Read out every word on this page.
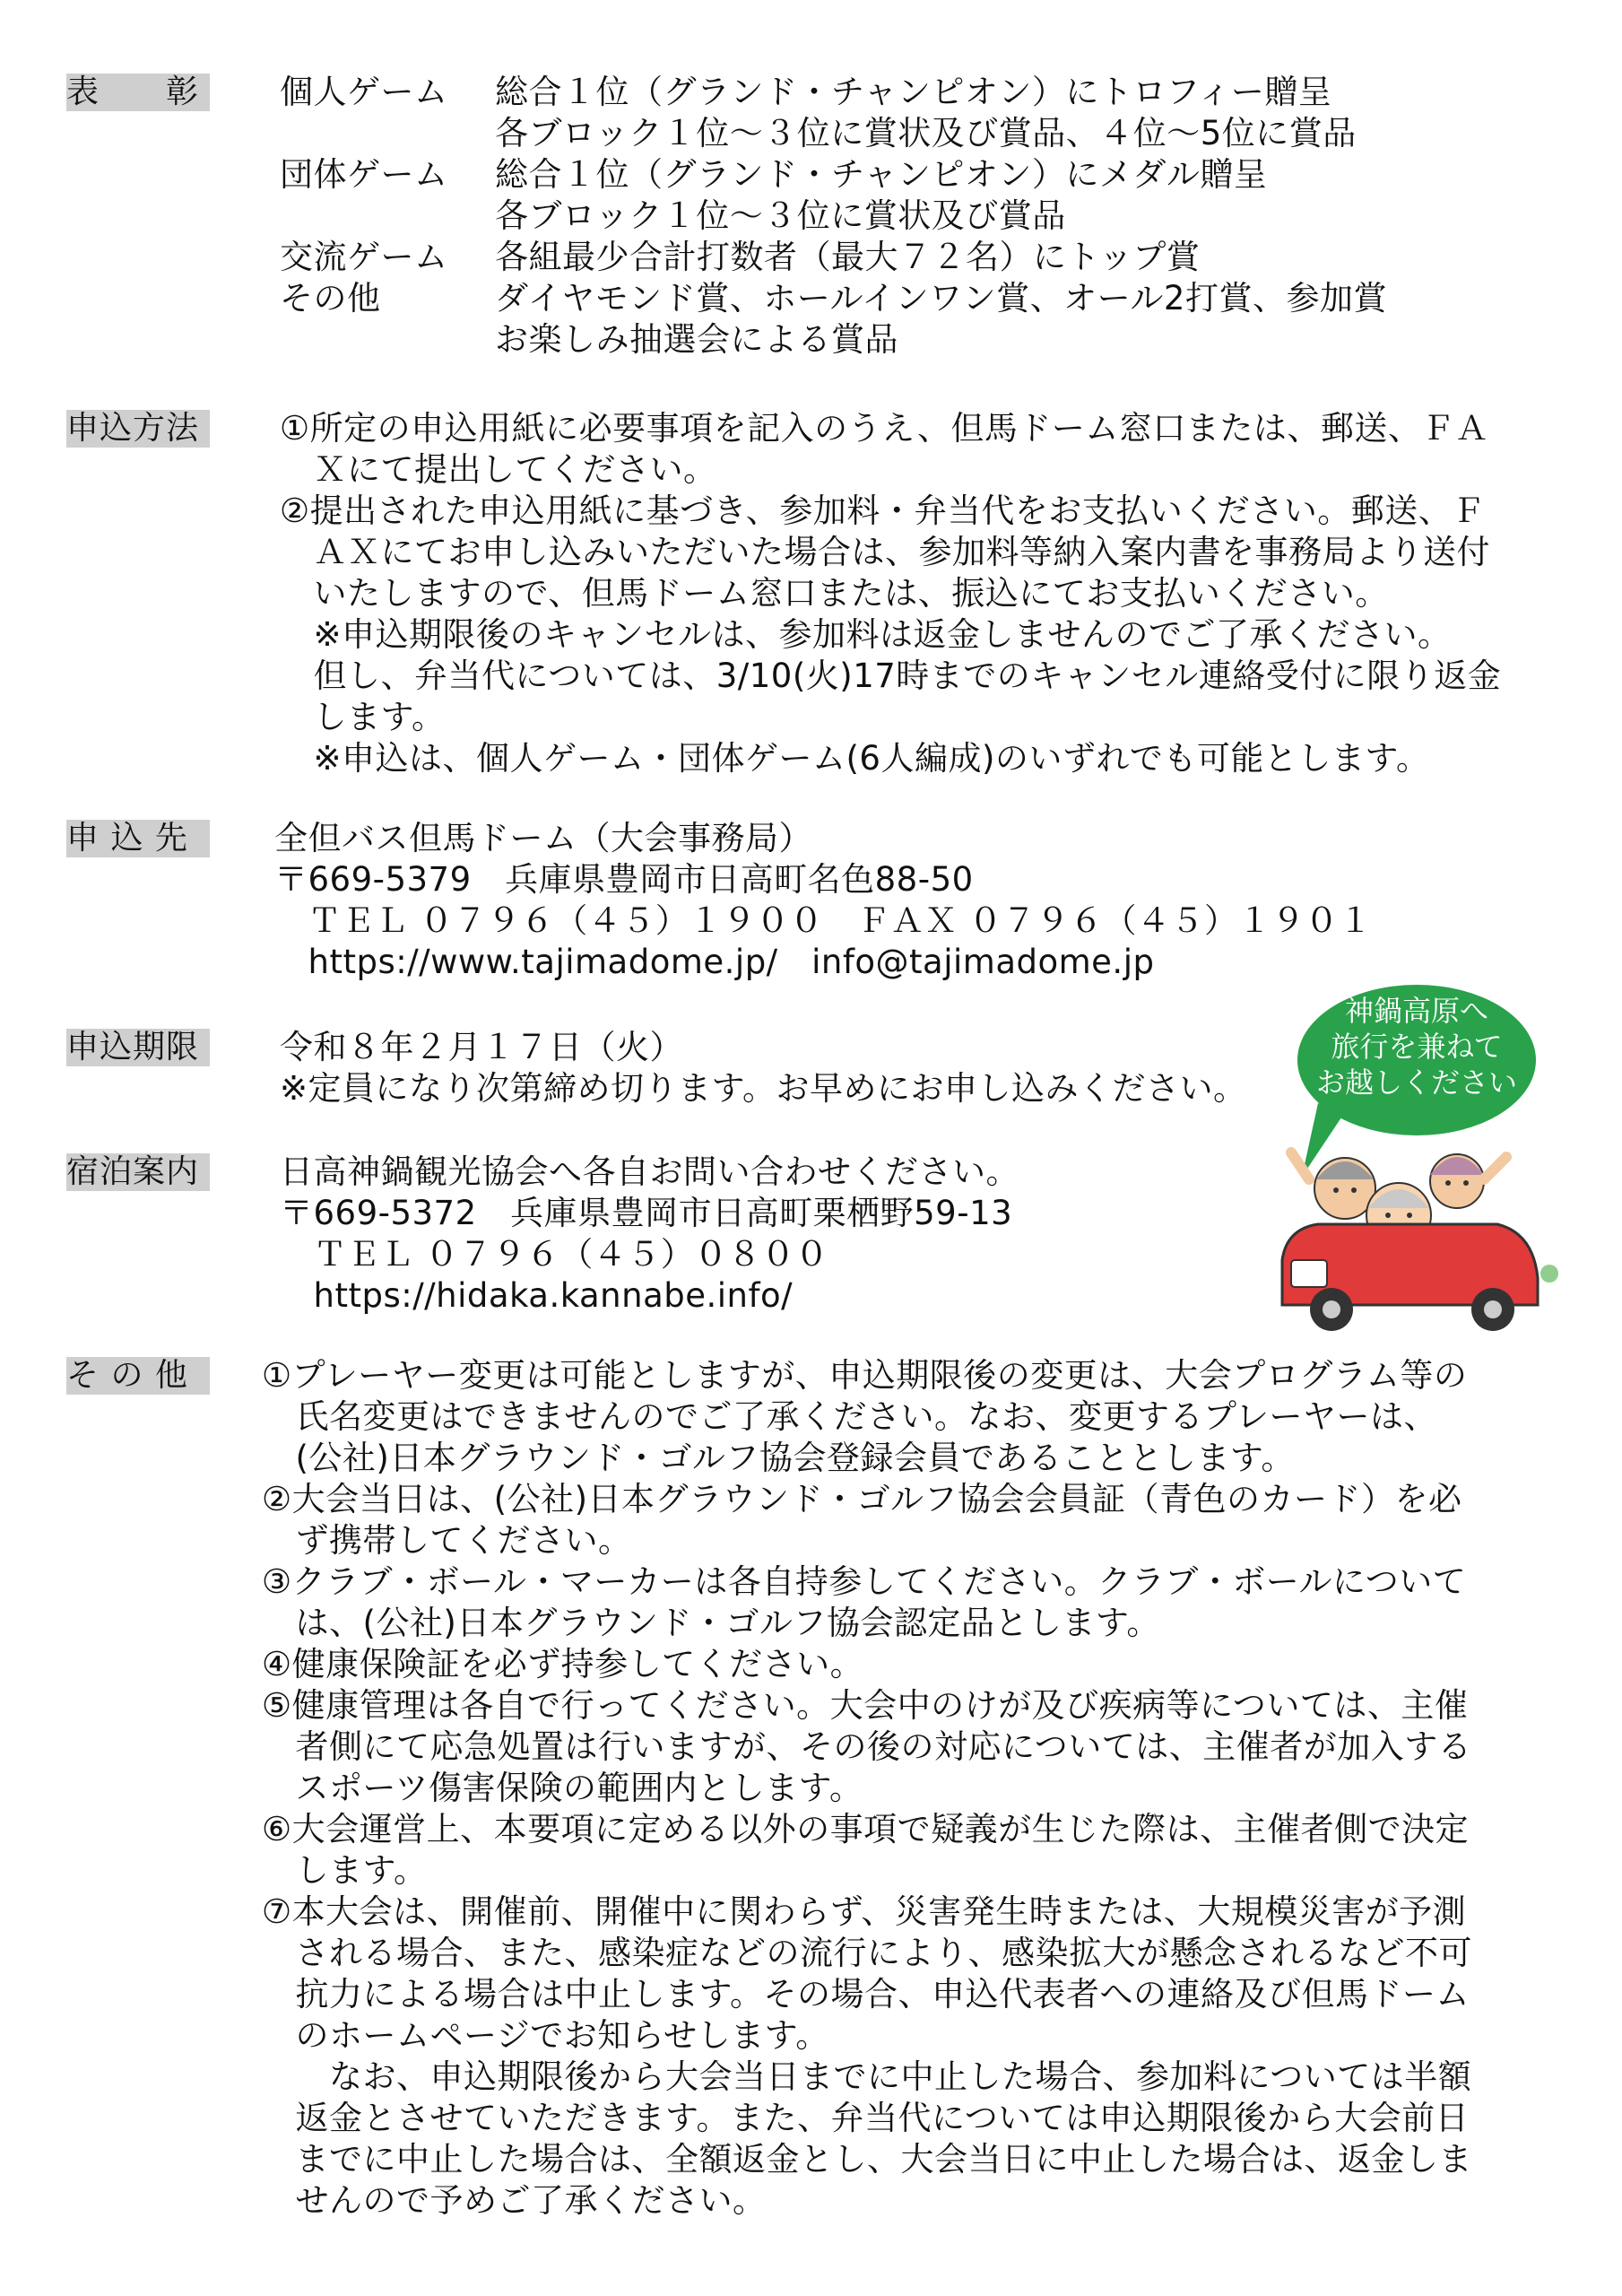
表　　彰	個人ゲーム 総合１位（グランド・チャンピオン）にトロフィー贈呈
各ブロック１位～３位に賞状及び賞品、４位～5位に賞品
団体ゲーム 総合１位（グランド・チャンピオン）にメダル贈呈
各ブロック１位～３位に賞状及び賞品
交流ゲーム 各組最少合計打数者（最大７２名）にトップ賞
その他	ダイヤモンド賞、ホールインワン賞、オール2打賞、参加賞
お楽しみ抽選会による賞品
申込方法	①所定の申込用紙に必要事項を記入のうえ、但馬ドーム窓口または、郵送、ＦＡ
　Ｘにて提出してください。
②提出された申込用紙に基づき、参加料・弁当代をお支払いください。郵送、Ｆ
　ＡＸにてお申し込みいただいた場合は、参加料等納入案内書を事務局より送付
　いたしますので、但馬ドーム窓口または、振込にてお支払いください。
　※申込期限後のキャンセルは、参加料は返金しませんのでご了承ください。
　但し、弁当代については、3/10(火)17時までのキャンセル連絡受付に限り返金
　します。
　※申込は、個人ゲーム・団体ゲーム(6人編成)のいずれでも可能とします。
申 込 先	全但バス但馬ドーム（大会事務局）
〒669-5379　兵庫県豊岡市日高町名色88-50
　ＴＥＬ ０７９６（４５）１９００　ＦＡＸ ０７９６（４５）１９０１
　https://www.tajimadome.jp/　info@tajimadome.jp
申込期限	令和８年２月１７日（火）
※定員になり次第締め切ります。お早めにお申し込みください。
宿泊案内	日高神鍋観光協会へ各自お問い合わせください。
〒669-5372　兵庫県豊岡市日高町栗栖野59-13
　ＴＥＬ ０７９６（４５）０８００
　https://hidaka.kannabe.info/
神鍋高原へ
旅行を兼ねて
お越しください
そ の 他	①プレーヤー変更は可能としますが、申込期限後の変更は、大会プログラム等の
　氏名変更はできませんのでご了承ください。なお、変更するプレーヤーは、
　(公社)日本グラウンド・ゴルフ協会登録会員であることとします。
②大会当日は、(公社)日本グラウンド・ゴルフ協会会員証（青色のカード）を必
　ず携帯してください。
③クラブ・ボール・マーカーは各自持参してください。クラブ・ボールについて
　は、(公社)日本グラウンド・ゴルフ協会認定品とします。
④健康保険証を必ず持参してください。
⑤健康管理は各自で行ってください。大会中のけが及び疾病等については、主催
　者側にて応急処置は行いますが、その後の対応については、主催者が加入する
　スポーツ傷害保険の範囲内とします。
⑥大会運営上、本要項に定める以外の事項で疑義が生じた際は、主催者側で決定
　します。
⑦本大会は、開催前、開催中に関わらず、災害発生時または、大規模災害が予測
　される場合、また、感染症などの流行により、感染拡大が懸念されるなど不可
　抗力による場合は中止します。その場合、申込代表者への連絡及び但馬ドーム
　のホームページでお知らせします。
　　なお、申込期限後から大会当日までに中止した場合、参加料については半額
　返金とさせていただきます。また、弁当代については申込期限後から大会前日
　までに中止した場合は、全額返金とし、大会当日に中止した場合は、返金しま
　せんので予めご了承ください。
